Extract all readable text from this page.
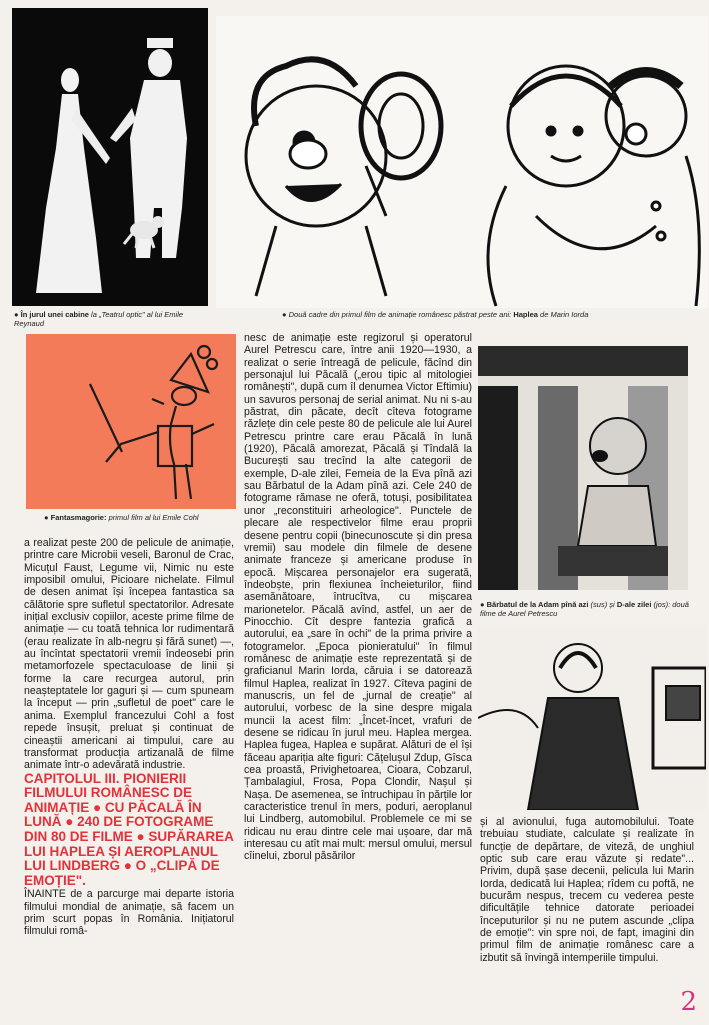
● În jurul unei cabine la „Teatrul optic" al lui Emile Reynaud
● Două cadre din primul film de animație românesc păstrat peste ani: Haplea de Marin Iorda
● Fantasmagorie: primul film al lui Emile Cohl
● Bărbatul de la Adam pînă azi (sus) și D-ale zilei (jos): două filme de Aurel Petrescu

a realizat peste 200 de pelicule de animație, printre care Microbii veseli, Baronul de Crac, Micuțul Faust, Legume vii, Nimic nu este imposibil omului, Picioare nichelate. Filmul de desen animat își începea fantastica sa călătorie spre sufletul spectatorilor. Adresate inițial exclusiv copiilor, aceste prime filme de animație — cu toată tehnica lor rudimentară (erau realizate în alb-negru și fără sunet) —, au încîntat spectatorii vremii îndeosebi prin metamorfozele spectaculoase de linii și forme la care recurgea autorul, prin neașteptatele lor gaguri și — cum spuneam la început — prin „sufletul de poet" care le anima. Exemplul francezului Cohl a fost repede însușit, preluat și continuat de cineaștii americani ai timpului, care au transformat producția artizanală de filme animate într-o adevărată industrie.

CAPITOLUL III. PIONIERII FILMULUI ROMÂNESC DE ANIMAȚIE ● CU PĂCALĂ ÎN LUNĂ ● 240 DE FOTOGRAME DIN 80 DE FILME ● SUPĂRAREA LUI HAPLEA ȘI AEROPLANUL LUI LINDBERG ● O „CLIPĂ DE EMOȚIE".

ÎNAINTE de a parcurge mai departe istoria filmului mondial de animație, să facem un prim scurt popas în România. Inițiatorul filmului româ-

nesc de animație este regizorul și operatorul Aurel Petrescu care, între anii 1920—1930, a realizat o serie întreagă de pelicule, făcînd din personajul lui Păcală („erou tipic al mitologiei românești", după cum îl denumea Victor Eftimiu) un savuros personaj de serial animat. Nu ni s-au păstrat, din păcate, decît cîteva fotograme răzlețe din cele peste 80 de pelicule ale lui Aurel Petrescu printre care erau Păcală în lună (1920), Păcală amorezat, Păcală și Tîndală la București sau trecînd la alte categorii de exemple, D-ale zilei, Femeia de la Eva pînă azi sau Bărbatul de la Adam pînă azi. Cele 240 de fotograme rămase ne oferă, totuși, posibilitatea unor „reconstituiri arheologice". Punctele de plecare ale respectivelor filme erau proprii desene pentru copii (binecunoscute și din presa vremii) sau modele din filmele de desene animate franceze și americane produse în epocă. Mișcarea personajelor era sugerată, îndeobște, prin flexiunea încheieturilor, fiind asemănătoare, întrucîtva, cu mișcarea marionetelor. Păcală avînd, astfel, un aer de Pinocchio. Cît despre fantezia grafică a autorului, ea „sare în ochi" de la prima privire a fotogramelor. „Epoca pionieratului" în filmul românesc de animație este reprezentată și de graficianul Marin Iorda, căruia i se datorează filmul Haplea, realizat în 1927. Cîteva pagini de manuscris, un fel de „jurnal de creație" al autorului, vorbesc de la sine despre migala muncii la acest film: „Încet-încet, vrafuri de desene se ridicau în jurul meu. Haplea mergea. Haplea fugea, Haplea e supărat. Alături de el își făceau apariția alte figuri: Cățelușul Zdup, Gîsca cea proastă, Privighetoarea, Cioara, Cobzarul, Țambalagiul, Frosa, Popa Clondir, Nașul și Nașa. De asemenea, se întruchipau în părțile lor caracteristice trenul în mers, poduri, aeroplanul lui Lindberg, automobilul. Problemele ce mi se ridicau nu erau dintre cele mai ușoare, dar mă interesau cu atît mai mult: mersul omului, mersul cîinelui, zborul păsărilor

și al avionului, fuga automobilului. Toate trebuiau studiate, calculate și realizate în funcție de depărtare, de viteză, de unghiul optic sub care erau văzute și redate"... Privim, după șase decenii, pelicula lui Marin Iorda, dedicată lui Haplea; rîdem cu poftă, ne bucurăm nespus, trecem cu vederea peste dificultățile tehnice datorate perioadei începuturilor și nu ne putem ascunde „clipa de emoție": vin spre noi, de fapt, imagini din primul film de animație românesc care a izbutit să învingă intemperiile timpului.

2
